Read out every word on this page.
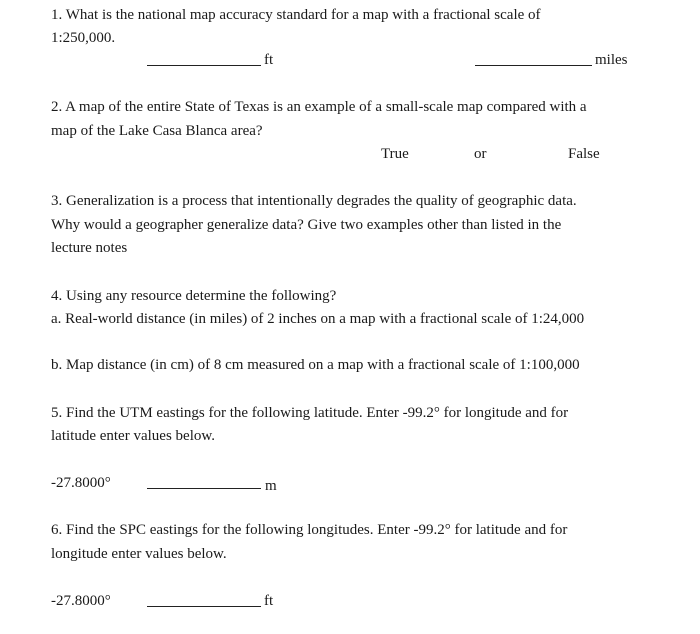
1. What is the national map accuracy standard for a map with a fractional scale of
1:250,000.
ft	miles
2. A map of the entire State of Texas is an example of a small-scale map compared with a
map of the Lake Casa Blanca area?
True	or	False
3. Generalization is a process that intentionally degrades the quality of geographic data.
Why would a geographer generalize data? Give two examples other than listed in the
lecture notes
4. Using any resource determine the following?
a. Real-world distance (in miles) of 2 inches on a map with a fractional scale of 1:24,000
b. Map distance (in cm) of 8 cm measured on a map with a fractional scale of 1:100,000
5. Find the UTM eastings for the following latitude. Enter -99.2° for longitude and for
latitude enter values below.
-27.8000°	m
6. Find the SPC eastings for the following longitudes. Enter -99.2° for latitude and for
longitude enter values below.
-27.8000°	ft
